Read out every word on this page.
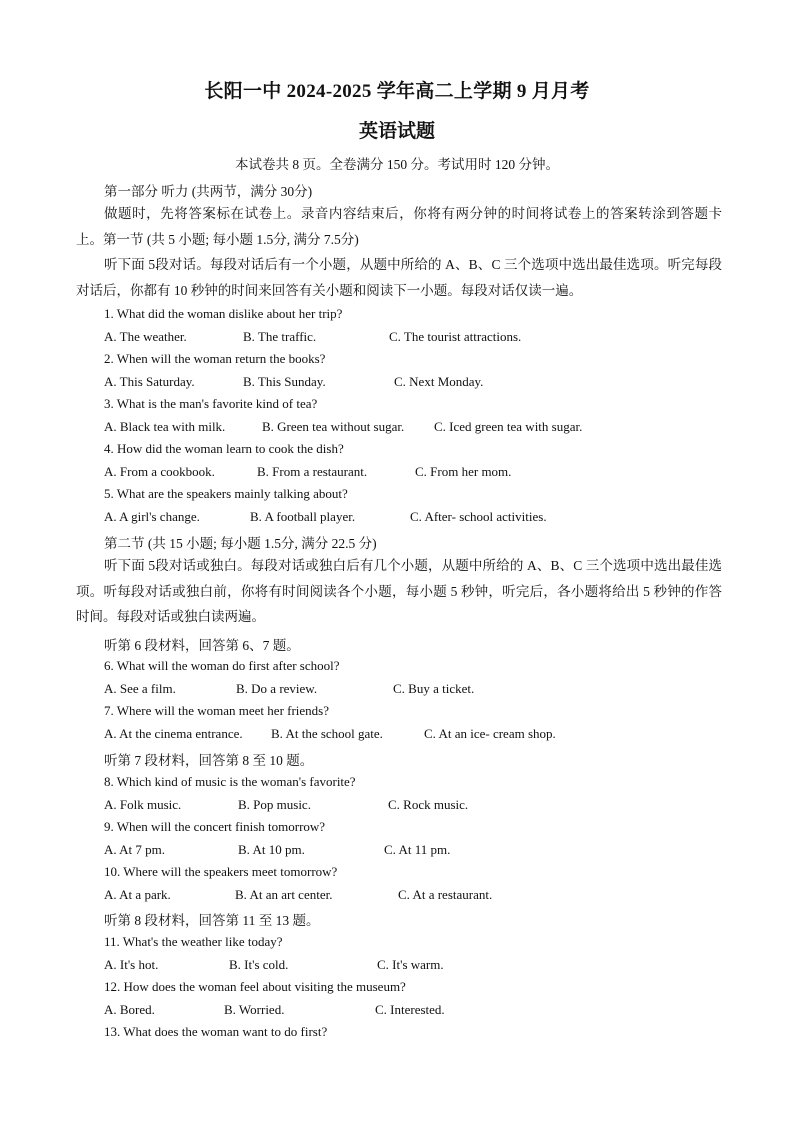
长阳一中 2024-2025 学年高二上学期 9 月月考
英语试题
本试卷共 8 页。全卷满分 150 分。考试用时 120 分钟。
第一部分 听力 (共两节，满分 30分)
做题时，先将答案标在试卷上。录音内容结束后，你将有两分钟的时间将试卷上的答案转涂到答题卡上。第一节 (共 5 小题; 每小题 1.5分, 满分 7.5分)
听下面 5段对话。每段对话后有一个小题，从题中所给的 A、B、C 三个选项中选出最佳选项。听完每段对话后，你都有 10 秒钟的时间来回答有关小题和阅读下一小题。每段对话仅读一遍。
1. What did the woman dislike about her trip?
A. The weather.	B. The traffic.	C. The tourist attractions.
2. When will the woman return the books?
A. This Saturday.	B. This Sunday.	C. Next Monday.
3. What is the man's favorite kind of tea?
A. Black tea with milk.	B. Green tea without sugar. C. Iced green tea with sugar.
4. How did the woman learn to cook the dish?
A. From a cookbook.	B. From a restaurant.	C. From her mom.
5. What are the speakers mainly talking about?
A. A girl's change.	B. A football player.	C. After- school activities.
第二节 (共 15 小题; 每小题 1.5分, 满分 22.5 分)
听下面 5段对话或独白。每段对话或独白后有几个小题，从题中所给的 A、B、C 三个选项中选出最佳选项。听每段对话或独白前，你将有时间阅读各个小题，每小题 5 秒钟，听完后，各小题将给出 5 秒钟的作答时间。每段对话或独白读两遍。
听第 6 段材料，回答第 6、7 题。
6. What will the woman do first after school?
A. See a film.	B. Do a review.	C. Buy a ticket.
7. Where will the woman meet her friends?
A. At the cinema entrance. B. At the school gate.	C. At an ice- cream shop.
听第 7 段材料，回答第 8 至 10 题。
8. Which kind of music is the woman's favorite?
A. Folk music.	B. Pop music.	C. Rock music.
9. When will the concert finish tomorrow?
A. At 7 pm.	B. At 10 pm.	C. At 11 pm.
10. Where will the speakers meet tomorrow?
A. At a park.	B. At an art center.	C. At a restaurant.
听第 8 段材料，回答第 11 至 13 题。
11. What's the weather like today?
A. It's hot.	B. It's cold.	C. It's warm.
12. How does the woman feel about visiting the museum?
A. Bored.	B. Worried.	C. Interested.
13. What does the woman want to do first?
